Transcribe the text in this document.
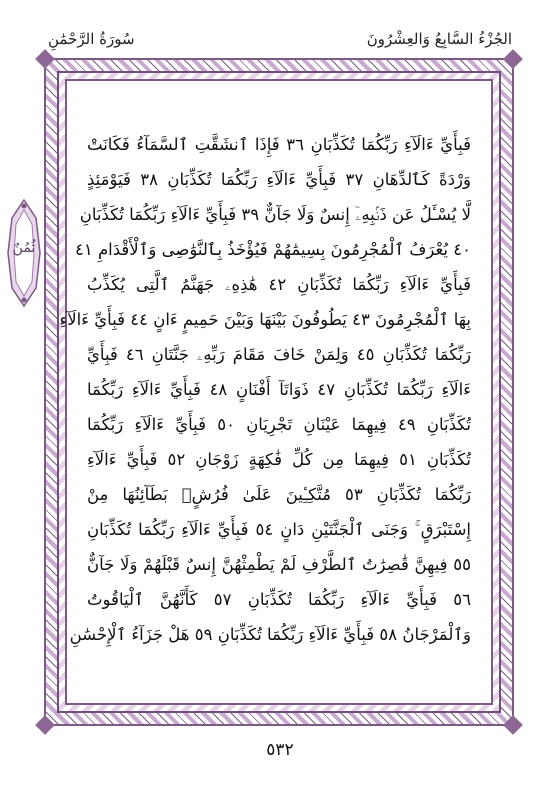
سُورَةُ الرَّحْمَٰنِ	الجُزْءُ السَّابِعُ وَالعِشْرُونَ
ثُمُنٌ
فَبِأَيِّ ءَالَآءِ رَبِّكُمَا تُكَذِّبَانِ ٣٦ فَإِذَا ٱنشَقَّتِ ٱلسَّمَآءُ فَكَانَتْ
وَرْدَةً كَٱلدِّهَانِ ٣٧ فَبِأَيِّ ءَالَآءِ رَبِّكُمَا تُكَذِّبَانِ ٣٨ فَيَوْمَئِذٍ
لَّا يُسْـَٔلُ عَن ذَنۢبِهِۦٓ إِنسٌ وَلَا جَآنٌّ ٣٩ فَبِأَيِّ ءَالَآءِ رَبِّكُمَا تُكَذِّبَانِ
٤٠ يُعْرَفُ ٱلْمُجْرِمُونَ بِسِيمَٰهُمْ فَيُؤْخَذُ بِٱلنَّوَٰصِى وَٱلْأَقْدَامِ ٤١
فَبِأَيِّ ءَالَآءِ رَبِّكُمَا تُكَذِّبَانِ ٤٢ هَٰذِهِۦ جَهَنَّمُ ٱلَّتِى يُكَذِّبُ
بِهَا ٱلْمُجْرِمُونَ ٤٣ يَطُوفُونَ بَيْنَهَا وَبَيْنَ حَمِيمٍ ءَانٍ ٤٤ فَبِأَيِّ ءَالَآءِ
رَبِّكُمَا تُكَذِّبَانِ ٤٥ وَلِمَنْ خَافَ مَقَامَ رَبِّهِۦ جَنَّتَانِ ٤٦ فَبِأَيِّ
ءَالَآءِ رَبِّكُمَا تُكَذِّبَانِ ٤٧ ذَوَاتَآ أَفْنَانٍ ٤٨ فَبِأَيِّ ءَالَآءِ رَبِّكُمَا
تُكَذِّبَانِ ٤٩ فِيهِمَا عَيْنَانِ تَجْرِيَانِ ٥٠ فَبِأَيِّ ءَالَآءِ رَبِّكُمَا
تُكَذِّبَانِ ٥١ فِيهِمَا مِن كُلِّ فَٰكِهَةٍ زَوْجَانِ ٥٢ فَبِأَيِّ ءَالَآءِ
رَبِّكُمَا تُكَذِّبَانِ ٥٣ مُتَّكِـِٔينَ عَلَىٰ فُرُشٍۭ بَطَآئِنُهَا مِنْ
إِسْتَبْرَقٍ ۚ وَجَنَى ٱلْجَنَّتَيْنِ دَانٍ ٥٤ فَبِأَيِّ ءَالَآءِ رَبِّكُمَا تُكَذِّبَانِ
٥٥ فِيهِنَّ قَٰصِرَٰتُ ٱلطَّرْفِ لَمْ يَطْمِثْهُنَّ إِنسٌ قَبْلَهُمْ وَلَا جَآنٌّ
٥٦ فَبِأَيِّ ءَالَآءِ رَبِّكُمَا تُكَذِّبَانِ ٥٧ كَأَنَّهُنَّ ٱلْيَاقُوتُ
وَٱلْمَرْجَانُ ٥٨ فَبِأَيِّ ءَالَآءِ رَبِّكُمَا تُكَذِّبَانِ ٥٩ هَلْ جَزَآءُ ٱلْإِحْسَٰنِ
٥٣٢
